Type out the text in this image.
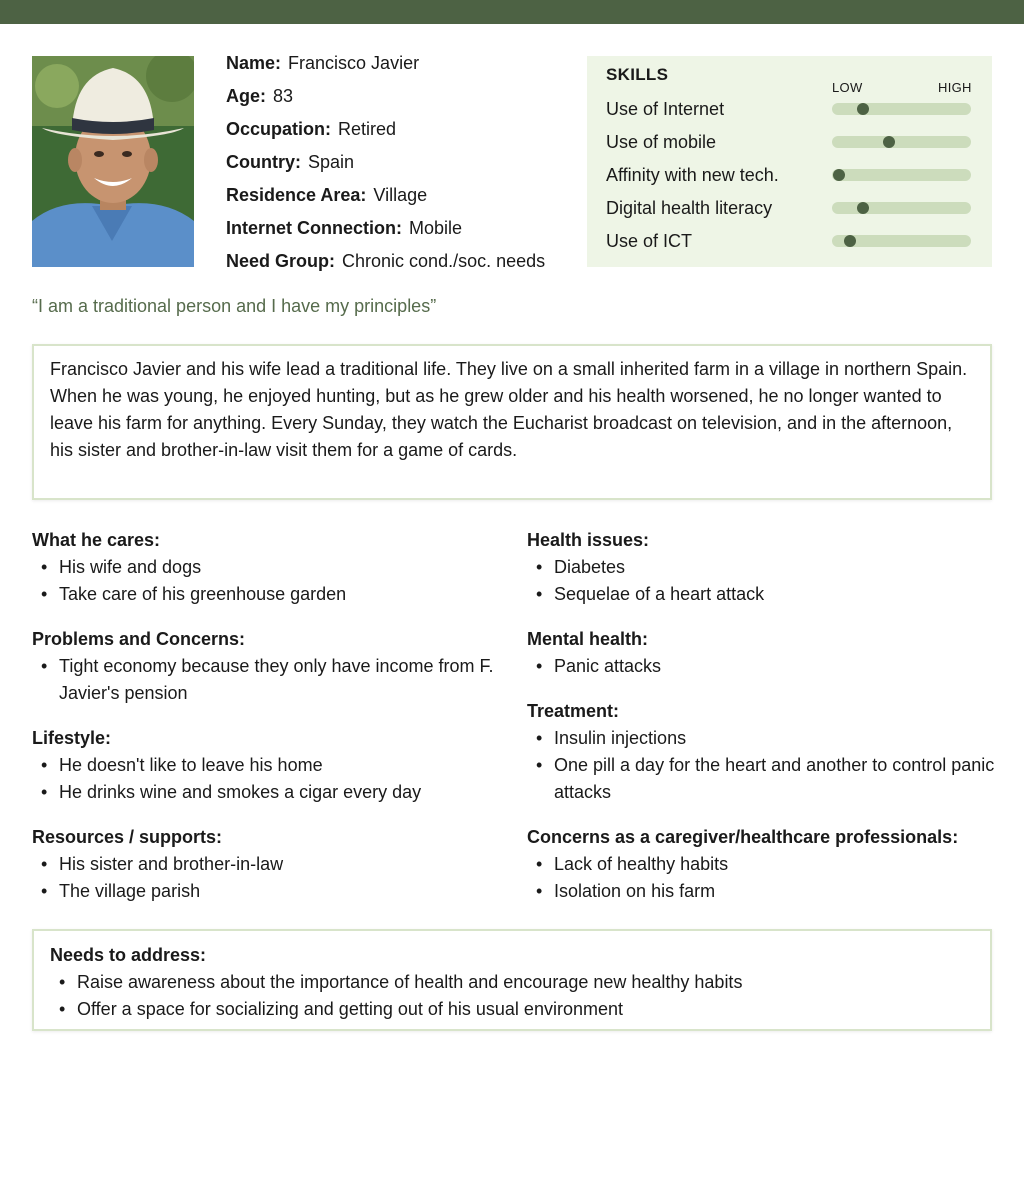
Name: Francisco Javier
Age: 83
Occupation: Retired
Country: Spain
Residence Area: Village
Internet Connection: Mobile
Need Group: Chronic cond./soc. needs
SKILLS
LOW	HIGH
Use of Internet
Use of mobile
Affinity with new tech.
Digital health literacy
Use of ICT
“I am a traditional person and I have my principles”
Francisco Javier and his wife lead a traditional life. They live on a small inherited farm in a village in northern Spain. When he was young, he enjoyed hunting, but as he grew older and his health worsened, he no longer wanted to leave his farm for anything. Every Sunday, they watch the Eucharist broadcast on television, and in the afternoon, his sister and brother-in-law visit them for a game of cards.
What he cares:
• His wife and dogs
• Take care of his greenhouse garden
Problems and Concerns:
• Tight economy because they only have income from F. Javier's pension
Lifestyle:
• He doesn't like to leave his home
• He drinks wine and smokes a cigar every day
Resources / supports:
• His sister and brother-in-law
• The village parish
Health issues:
• Diabetes
• Sequelae of a heart attack
Mental health:
• Panic attacks
Treatment:
• Insulin injections
• One pill a day for the heart and another to control panic attacks
Concerns as a caregiver/healthcare professionals:
• Lack of healthy habits
• Isolation on his farm
Needs to address:
• Raise awareness about the importance of health and encourage new healthy habits
• Offer a space for socializing and getting out of his usual environment
